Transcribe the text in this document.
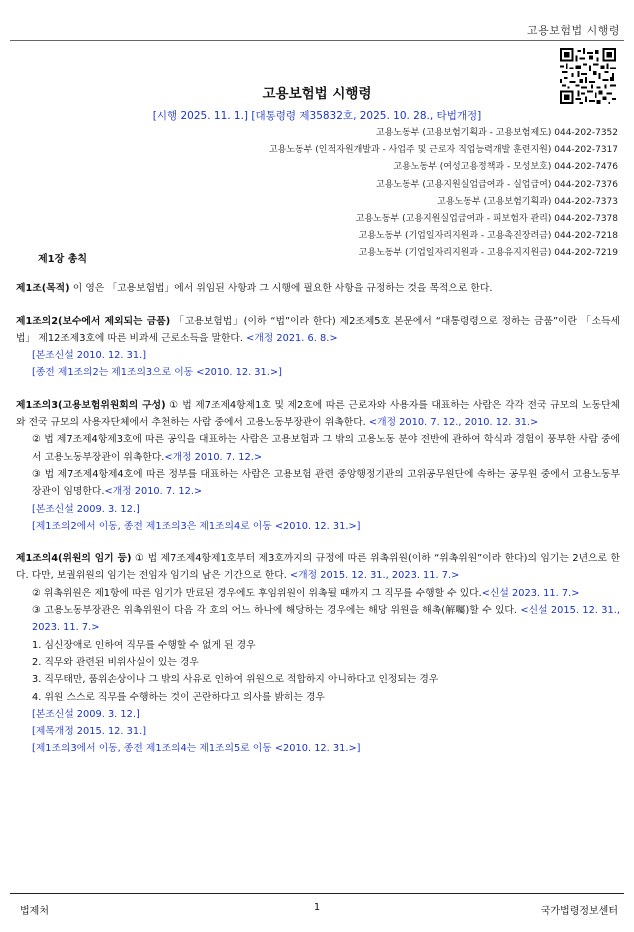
고용보험법 시행령
고용보험법 시행령
[시행 2025. 11. 1.] [대통령령 제35832호, 2025. 10. 28., 타법개정]
고용노동부 (고용보험기획과 - 고용보험제도) 044-202-7352
고용노동부 (인적자원개발과 - 사업주 및 근로자 직업능력개발 훈련지원) 044-202-7317
고용노동부 (여성고용정책과 - 모성보호) 044-202-7476
고용노동부 (고용지원실업급여과 - 실업급여) 044-202-7376
고용노동부 (고용보험기획과) 044-202-7373
고용노동부 (고용지원실업급여과 - 피보험자 관리) 044-202-7378
고용노동부 (기업일자리지원과 - 고용촉진장려금) 044-202-7218
고용노동부 (기업일자리지원과 - 고용유지지원금) 044-202-7219
제1장 총칙
제1조(목적) 이 영은 「고용보험법」에서 위임된 사항과 그 시행에 필요한 사항을 규정하는 것을 목적으로 한다.
제1조의2(보수에서 제외되는 금품) 「고용보험법」(이하 “법”이라 한다) 제2조제5호 본문에서 “대통령령으로 정하는 금품”이란 「소득세법」 제12조제3호에 따른 비과세 근로소득을 말한다. <개정 2021. 6. 8.>
[본조신설 2010. 12. 31.]
[종전 제1조의2는 제1조의3으로 이동 <2010. 12. 31.>]
제1조의3(고용보험위원회의 구성) ① 법 제7조제4항제1호 및 제2호에 따른 근로자와 사용자를 대표하는 사람은 각각 전국 규모의 노동단체와 전국 규모의 사용자단체에서 추천하는 사람 중에서 고용노동부장관이 위촉한다. <개정 2010. 7. 12., 2010. 12. 31.>
② 법 제7조제4항제3호에 따른 공익을 대표하는 사람은 고용보험과 그 밖의 고용노동 분야 전반에 관하여 학식과 경험이 풍부한 사람 중에서 고용노동부장관이 위촉한다.<개정 2010. 7. 12.>
③ 법 제7조제4항제4호에 따른 정부를 대표하는 사람은 고용보험 관련 중앙행정기관의 고위공무원단에 속하는 공무원 중에서 고용노동부장관이 임명한다.<개정 2010. 7. 12.>
[본조신설 2009. 3. 12.]
[제1조의2에서 이동, 종전 제1조의3은 제1조의4로 이동 <2010. 12. 31.>]
제1조의4(위원의 임기 등) ① 법 제7조제4항제1호부터 제3호까지의 규정에 따른 위촉위원(이하 “위촉위원”이라 한다)의 임기는 2년으로 한다. 다만, 보궐위원의 임기는 전임자 임기의 남은 기간으로 한다. <개정 2015. 12. 31., 2023. 11. 7.>
② 위촉위원은 제1항에 따른 임기가 만료된 경우에도 후임위원이 위촉될 때까지 그 직무를 수행할 수 있다.<신설 2023. 11. 7.>
③ 고용노동부장관은 위촉위원이 다음 각 호의 어느 하나에 해당하는 경우에는 해당 위원을 해촉(解囑)할 수 있다. <신설 2015. 12. 31., 2023. 11. 7.>
1. 심신장애로 인하여 직무를 수행할 수 없게 된 경우
2. 직무와 관련된 비위사실이 있는 경우
3. 직무태만, 품위손상이나 그 밖의 사유로 인하여 위원으로 적합하지 아니하다고 인정되는 경우
4. 위원 스스로 직무를 수행하는 것이 곤란하다고 의사를 밝히는 경우
[본조신설 2009. 3. 12.]
[제목개정 2015. 12. 31.]
[제1조의3에서 이동, 종전 제1조의4는 제1조의5로 이동 <2010. 12. 31.>]
법제처	1	국가법령정보센터
